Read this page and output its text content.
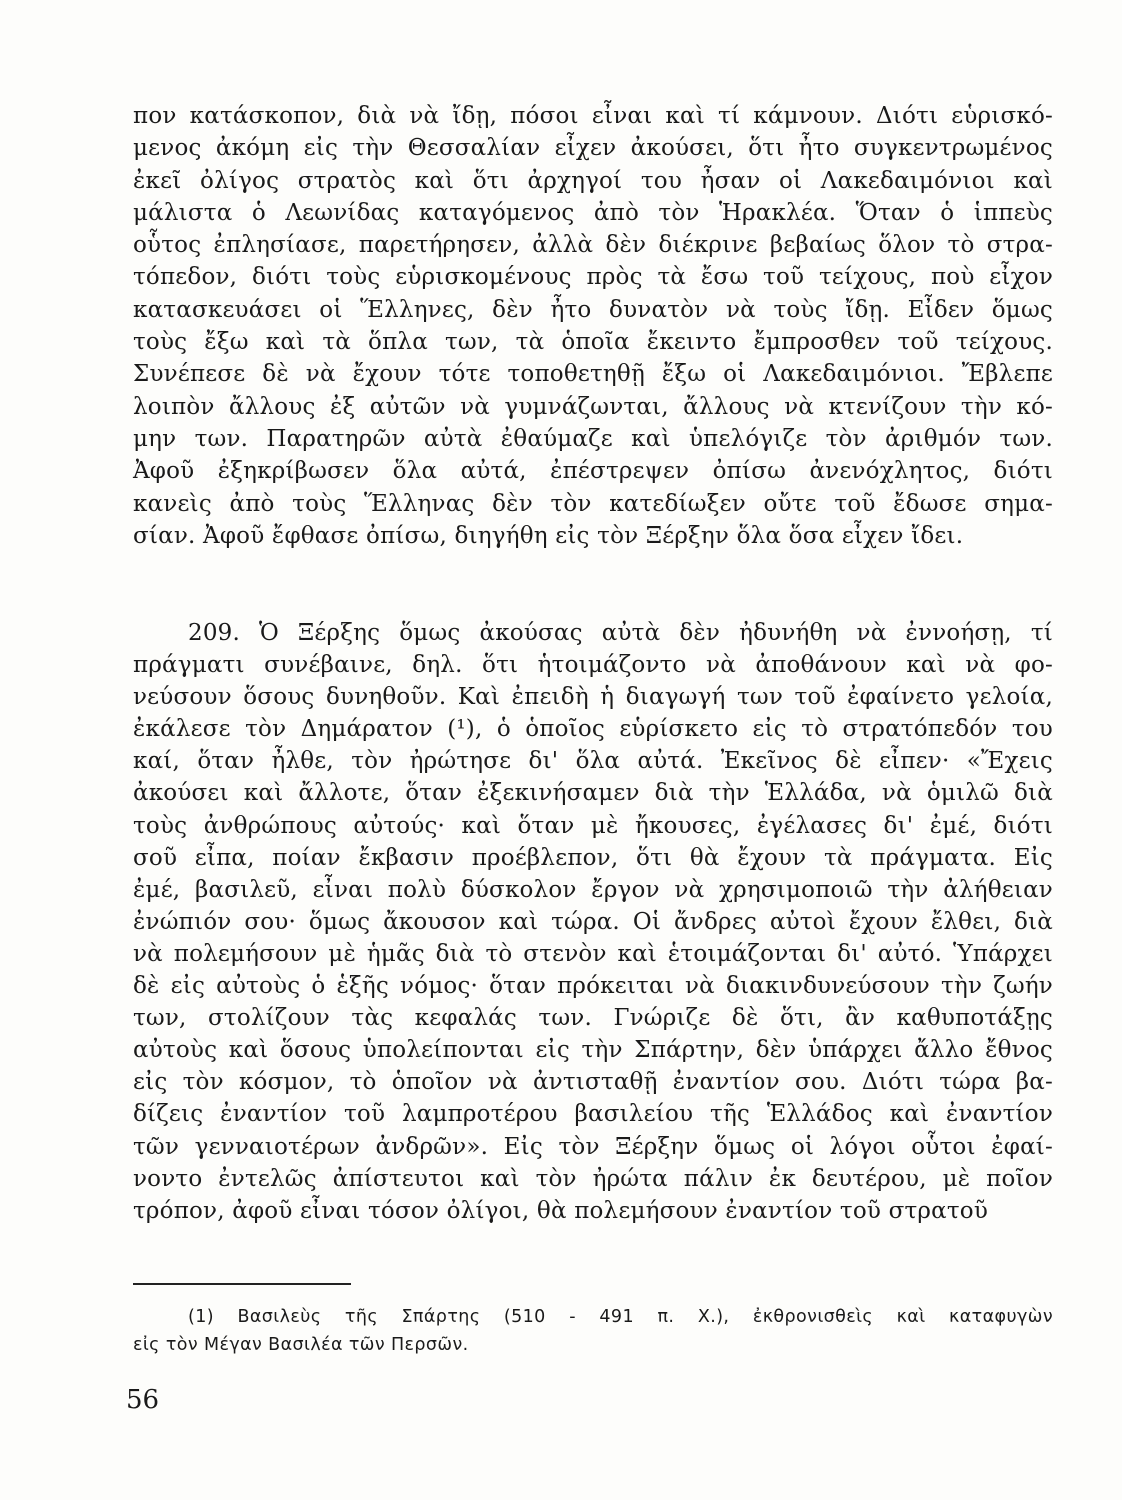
πον κατάσκοπον, διὰ νὰ ἴδῃ, πόσοι εἶναι καὶ τί κάμνουν. Διότι εὑρισκό-
μενος ἀκόμη εἰς τὴν Θεσσαλίαν εἶχεν ἀκούσει, ὅτι ἦτο συγκεντρωμένος
ἐκεῖ ὀλίγος στρατὸς καὶ ὅτι ἀρχηγοί του ἦσαν οἱ Λακεδαιμόνιοι καὶ
μάλιστα ὁ Λεωνίδας καταγόμενος ἀπὸ τὸν Ἡρακλέα. Ὅταν ὁ ἱππεὺς
οὗτος ἐπλησίασε, παρετήρησεν, ἀλλὰ δὲν διέκρινε βεβαίως ὅλον τὸ στρα-
τόπεδον, διότι τοὺς εὑρισκομένους πρὸς τὰ ἔσω τοῦ τείχους, ποὺ εἶχον
κατασκευάσει οἱ Ἕλληνες, δὲν ἦτο δυνατὸν νὰ τοὺς ἴδῃ. Εἶδεν ὅμως
τοὺς ἔξω καὶ τὰ ὅπλα των, τὰ ὁποῖα ἔκειντο ἔμπροσθεν τοῦ τείχους.
Συνέπεσε δὲ νὰ ἔχουν τότε τοποθετηθῇ ἔξω οἱ Λακεδαιμόνιοι. Ἔβλεπε
λοιπὸν ἄλλους ἐξ αὐτῶν νὰ γυμνάζωνται, ἄλλους νὰ κτενίζουν τὴν κό-
μην των. Παρατηρῶν αὐτὰ ἐθαύμαζε καὶ ὑπελόγιζε τὸν ἀριθμόν των.
Ἀφοῦ ἐξηκρίβωσεν ὅλα αὐτά, ἐπέστρεψεν ὀπίσω ἀνενόχλητος, διότι
κανεὶς ἀπὸ τοὺς Ἕλληνας δὲν τὸν κατεδίωξεν οὔτε τοῦ ἔδωσε σημα-
σίαν. Ἀφοῦ ἔφθασε ὀπίσω, διηγήθη εἰς τὸν Ξέρξην ὅλα ὅσα εἶχεν ἴδει.
209. Ὁ Ξέρξης ὅμως ἀκούσας αὐτὰ δὲν ἠδυνήθη νὰ ἐννοήσῃ, τί
πράγματι συνέβαινε, δηλ. ὅτι ἡτοιμάζοντο νὰ ἀποθάνουν καὶ νὰ φο-
νεύσουν ὅσους δυνηθοῦν. Καὶ ἐπειδὴ ἡ διαγωγή των τοῦ ἐφαίνετο γελοία,
ἐκάλεσε τὸν Δημάρατον (¹), ὁ ὁποῖος εὑρίσκετο εἰς τὸ στρατόπεδόν του
καί, ὅταν ἦλθε, τὸν ἠρώτησε δι' ὅλα αὐτά. Ἐκεῖνος δὲ εἶπεν· «Ἔχεις
ἀκούσει καὶ ἄλλοτε, ὅταν ἐξεκινήσαμεν διὰ τὴν Ἑλλάδα, νὰ ὁμιλῶ διὰ
τοὺς ἀνθρώπους αὐτούς· καὶ ὅταν μὲ ἤκουσες, ἐγέλασες δι' ἐμέ, διότι
σοῦ εἶπα, ποίαν ἔκβασιν προέβλεπον, ὅτι θὰ ἔχουν τὰ πράγματα. Εἰς
ἐμέ, βασιλεῦ, εἶναι πολὺ δύσκολον ἔργον νὰ χρησιμοποιῶ τὴν ἀλήθειαν
ἐνώπιόν σου· ὅμως ἄκουσον καὶ τώρα. Οἱ ἄνδρες αὐτοὶ ἔχουν ἔλθει, διὰ
νὰ πολεμήσουν μὲ ἡμᾶς διὰ τὸ στενὸν καὶ ἑτοιμάζονται δι' αὐτό. Ὑπάρχει
δὲ εἰς αὐτοὺς ὁ ἑξῆς νόμος· ὅταν πρόκειται νὰ διακινδυνεύσουν τὴν ζωήν
των, στολίζουν τὰς κεφαλάς των. Γνώριζε δὲ ὅτι, ἂν καθυποτάξῃς
αὐτοὺς καὶ ὅσους ὑπολείπονται εἰς τὴν Σπάρτην, δὲν ὑπάρχει ἄλλο ἔθνος
εἰς τὸν κόσμον, τὸ ὁποῖον νὰ ἀντισταθῇ ἐναντίον σου. Διότι τώρα βα-
δίζεις ἐναντίον τοῦ λαμπροτέρου βασιλείου τῆς Ἑλλάδος καὶ ἐναντίον
τῶν γενναιοτέρων ἀνδρῶν». Εἰς τὸν Ξέρξην ὅμως οἱ λόγοι οὗτοι ἐφαί-
νοντο ἐντελῶς ἀπίστευτοι καὶ τὸν ἠρώτα πάλιν ἐκ δευτέρου, μὲ ποῖον
τρόπον, ἀφοῦ εἶναι τόσον ὀλίγοι, θὰ πολεμήσουν ἐναντίον τοῦ στρατοῦ
(1) Βασιλεὺς τῆς Σπάρτης (510 - 491 π. Χ.), ἐκθρονισθεὶς καὶ καταφυγὼν
εἰς τὸν Μέγαν Βασιλέα τῶν Περσῶν.
56
